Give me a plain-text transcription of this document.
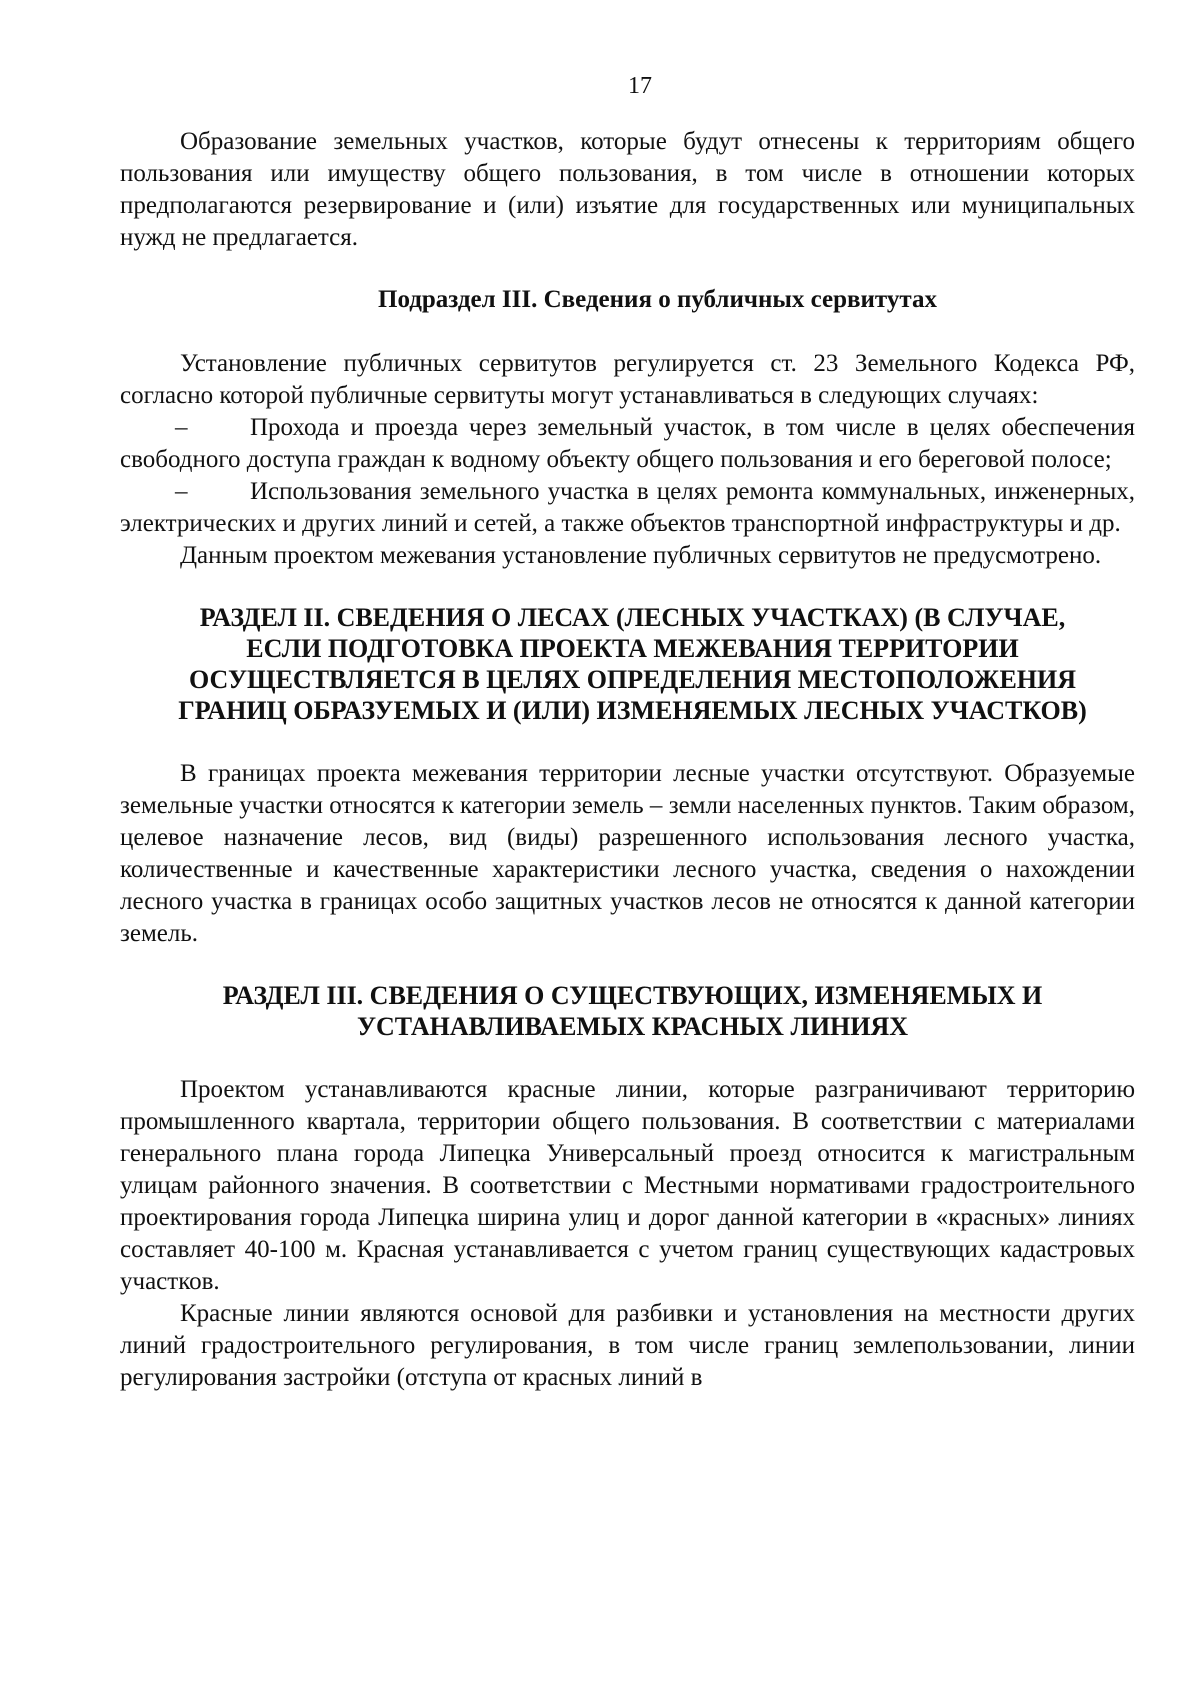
17

Образование земельных участков, которые будут отнесены к территориям общего пользования или имуществу общего пользования, в том числе в отношении которых предполагаются резервирование и (или) изъятие для государственных или муниципальных нужд не предлагается.

Подраздел III. Сведения о публичных сервитутах

Установление публичных сервитутов регулируется ст. 23 Земельного Кодекса РФ, согласно которой публичные сервитуты могут устанавливаться в следующих случаях:

–	Прохода и проезда через земельный участок, в том числе в целях обеспечения свободного доступа граждан к водному объекту общего пользования и его береговой полосе;

–	Использования земельного участка в целях ремонта коммунальных, инженерных, электрических и других линий и сетей, а также объектов транспортной инфраструктуры и др.

Данным проектом межевания установление публичных сервитутов не предусмотрено.

РАЗДЕЛ II. СВЕДЕНИЯ О ЛЕСАХ (ЛЕСНЫХ УЧАСТКАХ) (В СЛУЧАЕ,
ЕСЛИ ПОДГОТОВКА ПРОЕКТА МЕЖЕВАНИЯ ТЕРРИТОРИИ
ОСУЩЕСТВЛЯЕТСЯ В ЦЕЛЯХ ОПРЕДЕЛЕНИЯ МЕСТОПОЛОЖЕНИЯ
ГРАНИЦ ОБРАЗУЕМЫХ И (ИЛИ) ИЗМЕНЯЕМЫХ ЛЕСНЫХ УЧАСТКОВ)

В границах проекта межевания территории лесные участки отсутствуют. Образуемые земельные участки относятся к категории земель – земли населенных пунктов. Таким образом, целевое назначение лесов, вид (виды) разрешенного использования лесного участка, количественные и качественные характеристики лесного участка, сведения о нахождении лесного участка в границах особо защитных участков лесов не относятся к данной категории земель.

РАЗДЕЛ III. СВЕДЕНИЯ О СУЩЕСТВУЮЩИХ, ИЗМЕНЯЕМЫХ И
УСТАНАВЛИВАЕМЫХ КРАСНЫХ ЛИНИЯХ

Проектом устанавливаются красные линии, которые разграничивают территорию промышленного квартала, территории общего пользования. В соответствии с материалами генерального плана города Липецка Универсальный проезд относится к магистральным улицам районного значения. В соответствии с Местными нормативами градостроительного проектирования города Липецка ширина улиц и дорог данной категории в «красных» линиях составляет 40-100 м. Красная устанавливается с учетом границ существующих кадастровых участков.

Красные линии являются основой для разбивки и установления на местности других линий градостроительного регулирования, в том числе границ землепользовании, линии регулирования застройки (отступа от красных линий в
